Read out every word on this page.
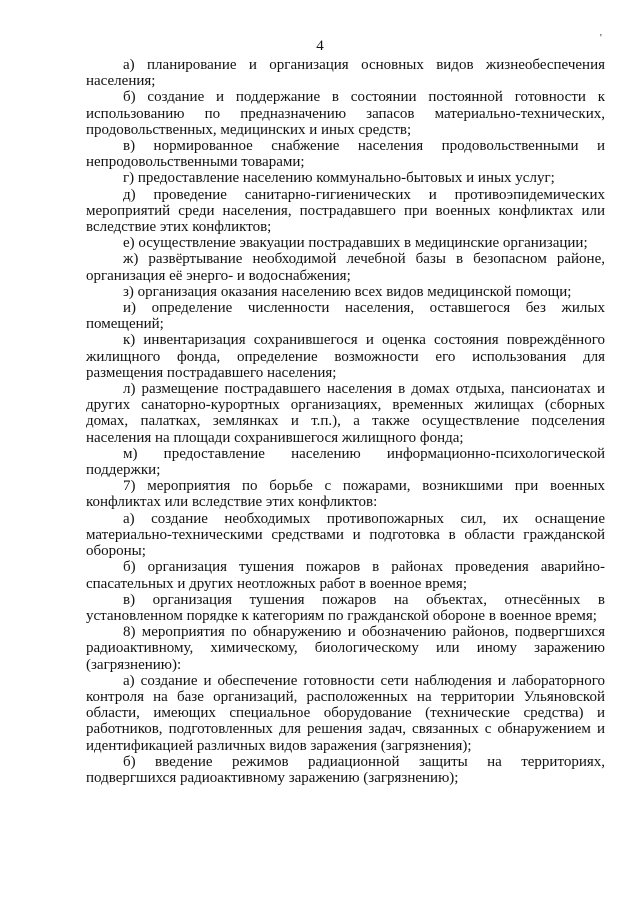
4	'

а) планирование и организация основных видов жизнеобеспечения населения;

б) создание и поддержание в состоянии постоянной готовности к использованию по предназначению запасов материально-технических, продовольственных, медицинских и иных средств;

в) нормированное снабжение населения продовольственными и непродовольственными товарами;

г) предоставление населению коммунально-бытовых и иных услуг;

д) проведение санитарно-гигиенических и противоэпидемических мероприятий среди населения, пострадавшего при военных конфликтах или вследствие этих конфликтов;

е) осуществление эвакуации пострадавших в медицинские организации;

ж) развёртывание необходимой лечебной базы в безопасном районе, организация её энерго- и водоснабжения;

з) организация оказания населению всех видов медицинской помощи;

и) определение численности населения, оставшегося без жилых помещений;

к) инвентаризация сохранившегося и оценка состояния повреждённого жилищного фонда, определение возможности его использования для размещения пострадавшего населения;

л) размещение пострадавшего населения в домах отдыха, пансионатах и других санаторно-курортных организациях, временных жилищах (сборных домах, палатках, землянках и т.п.), а также осуществление подселения населения на площади сохранившегося жилищного фонда;

м) предоставление населению информационно-психологической поддержки;

7) мероприятия по борьбе с пожарами, возникшими при военных конфликтах или вследствие этих конфликтов:

а) создание необходимых противопожарных сил, их оснащение материально-техническими средствами и подготовка в области гражданской обороны;

б) организация тушения пожаров в районах проведения аварийно-спасательных и других неотложных работ в военное время;

в) организация тушения пожаров на объектах, отнесённых в установленном порядке к категориям по гражданской обороне в военное время;

8) мероприятия по обнаружению и обозначению районов, подвергшихся радиоактивному, химическому, биологическому или иному заражению (загрязнению):

а) создание и обеспечение готовности сети наблюдения и лабораторного контроля на базе организаций, расположенных на территории Ульяновской области, имеющих специальное оборудование (технические средства) и работников, подготовленных для решения задач, связанных с обнаружением и идентификацией различных видов заражения (загрязнения);

б) введение режимов радиационной защиты на территориях, подвергшихся радиоактивному заражению (загрязнению);
